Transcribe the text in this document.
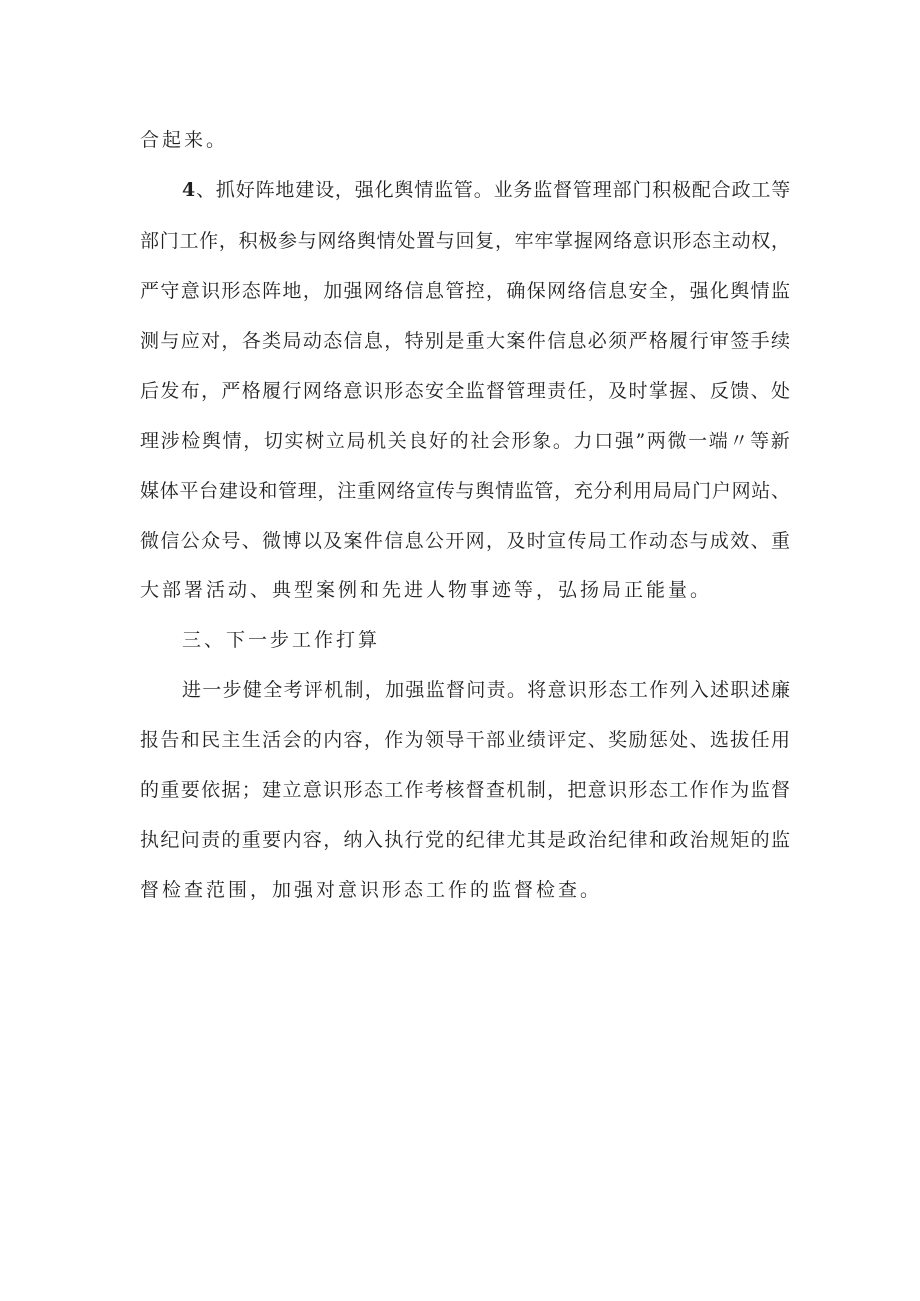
合起来。
4、抓好阵地建设，强化舆情监管。业务监督管理部门积极配合政工等
部门工作，积极参与网络舆情处置与回复，牢牢掌握网络意识形态主动权，
严守意识形态阵地，加强网络信息管控，确保网络信息安全，强化舆情监
测与应对，各类局动态信息，特别是重大案件信息必须严格履行审签手续
后发布，严格履行网络意识形态安全监督管理责任，及时掌握、反馈、处
理涉检舆情，切实树立局机关良好的社会形象。力口强”两微一端〃等新
媒体平台建设和管理，注重网络宣传与舆情监管，充分利用局局门户网站、
微信公众号、微博以及案件信息公开网，及时宣传局工作动态与成效、重
大部署活动、典型案例和先进人物事迹等，弘扬局正能量。
三、下一步工作打算
进一步健全考评机制，加强监督问责。将意识形态工作列入述职述廉
报告和民主生活会的内容，作为领导干部业绩评定、奖励惩处、选拔任用
的重要依据；建立意识形态工作考核督查机制，把意识形态工作作为监督
执纪问责的重要内容，纳入执行党的纪律尤其是政治纪律和政治规矩的监
督检查范围，加强对意识形态工作的监督检查。
